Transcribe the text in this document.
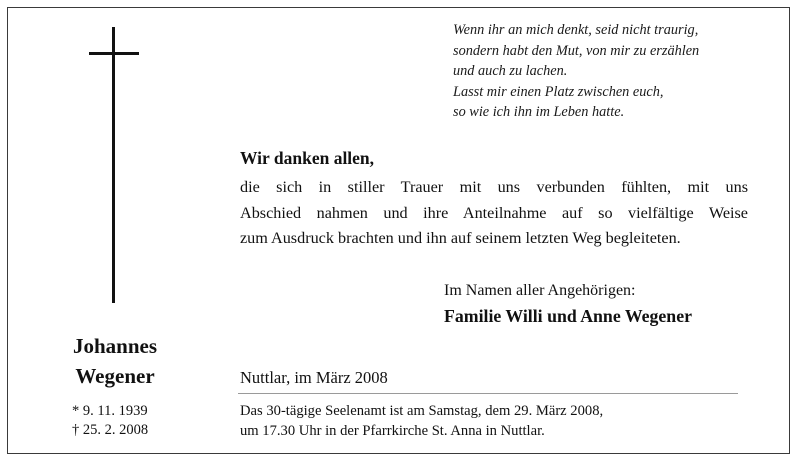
Wenn ihr an mich denkt, seid nicht traurig,
sondern habt den Mut, von mir zu erzählen
und auch zu lachen.
Lasst mir einen Platz zwischen euch,
so wie ich ihn im Leben hatte.
Wir danken allen,
die sich in stiller Trauer mit uns verbunden fühlten, mit uns
Abschied nahmen und ihre Anteilnahme auf so vielfältige Weise
zum Ausdruck brachten und ihn auf seinem letzten Weg begleiteten.
Im Namen aller Angehörigen:
Familie Willi und Anne Wegener
Johannes
Wegener
* 9. 11. 1939
† 25. 2. 2008
Nuttlar, im März 2008
Das 30-tägige Seelenamt ist am Samstag, dem 29. März 2008,
um 17.30 Uhr in der Pfarrkirche St. Anna in Nuttlar.
